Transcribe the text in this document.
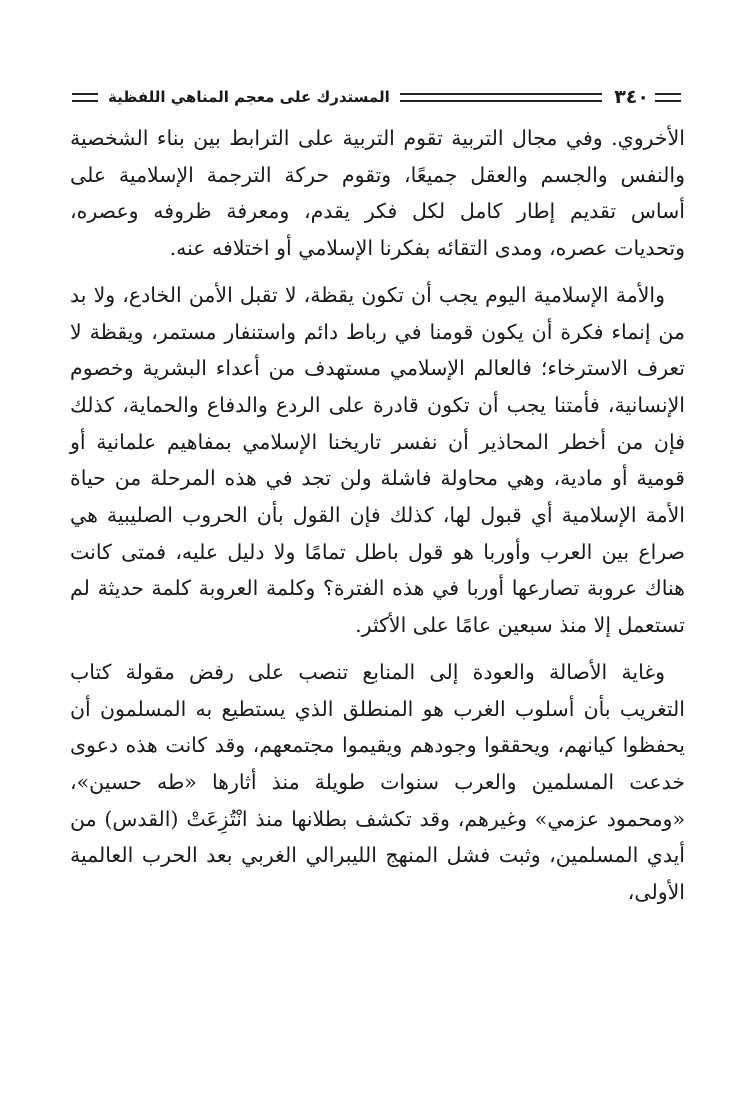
٣٤٠
المستدرك على معجم المناهي اللفظية

الأخروي. وفي مجال التربية تقوم التربية على الترابط بين بناء الشخصية والنفس والجسم والعقل جميعًا، وتقوم حركة الترجمة الإسلامية على أساس تقديم إطار كامل لكل فكر يقدم، ومعرفة ظروفه وعصره، وتحديات عصره، ومدى التقائه بفكرنا الإسلامي أو اختلافه عنه.

والأمة الإسلامية اليوم يجب أن تكون يقظة، لا تقبل الأمن الخادع، ولا بد من إنماء فكرة أن يكون قومنا في رباط دائم واستنفار مستمر، ويقظة لا تعرف الاسترخاء؛ فالعالم الإسلامي مستهدف من أعداء البشرية وخصوم الإنسانية، فأمتنا يجب أن تكون قادرة على الردع والدفاع والحماية، كذلك فإن من أخطر المحاذير أن نفسر تاريخنا الإسلامي بمفاهيم علمانية أو قومية أو مادية، وهي محاولة فاشلة ولن تجد في هذه المرحلة من حياة الأمة الإسلامية أي قبول لها، كذلك فإن القول بأن الحروب الصليبية هي صراع بين العرب وأوربا هو قول باطل تمامًا ولا دليل عليه، فمتى كانت هناك عروبة تصارعها أوربا في هذه الفترة؟ وكلمة العروبة كلمة حديثة لم تستعمل إلا منذ سبعين عامًا على الأكثر.

وغاية الأصالة والعودة إلى المنابع تنصب على رفض مقولة كتاب التغريب بأن أسلوب الغرب هو المنطلق الذي يستطيع به المسلمون أن يحفظوا كيانهم، ويحققوا وجودهم ويقيموا مجتمعهم، وقد كانت هذه دعوى خدعت المسلمين والعرب سنوات طويلة منذ أثارها «طه حسين»، «ومحمود عزمي» وغيرهم، وقد تكشف بطلانها منذ انْتُزِعَتْ (القدس) من أيدي المسلمين، وثبت فشل المنهج الليبرالي الغربي بعد الحرب العالمية الأولى،
